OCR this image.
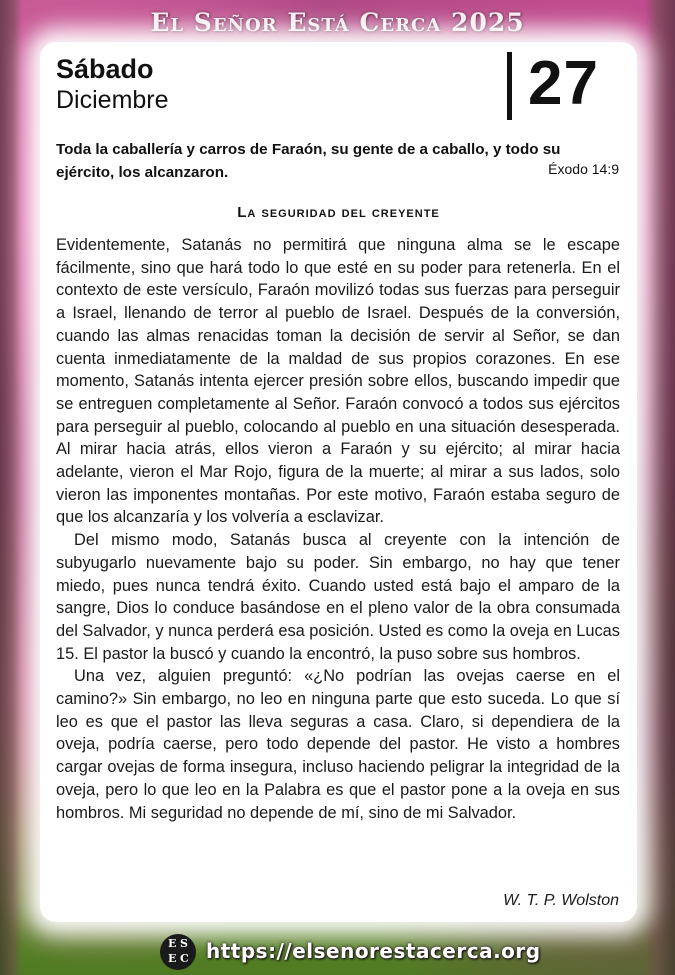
El Señor Está Cerca 2025
Sábado
Diciembre	27
Toda la caballería y carros de Faraón, su gente de a caballo, y todo su ejército, los alcanzaron.	Éxodo 14:9
La seguridad del creyente

Evidentemente, Satanás no permitirá que ninguna alma se le escape fácilmente, sino que hará todo lo que esté en su poder para retenerla. En el contexto de este versículo, Faraón movilizó todas sus fuerzas para perseguir a Israel, llenando de terror al pueblo de Israel. Después de la conversión, cuando las almas renacidas toman la decisión de servir al Señor, se dan cuenta inmediatamente de la maldad de sus propios corazones. En ese momento, Satanás intenta ejercer presión sobre ellos, buscando impedir que se entreguen completamente al Señor. Faraón convocó a todos sus ejércitos para perseguir al pueblo, colocando al pueblo en una situación desesperada. Al mirar hacia atrás, ellos vieron a Faraón y su ejército; al mirar hacia adelante, vieron el Mar Rojo, figura de la muerte; al mirar a sus lados, solo vieron las imponentes montañas. Por este motivo, Faraón estaba seguro de que los alcanzaría y los volvería a esclavizar.

Del mismo modo, Satanás busca al creyente con la intención de subyugarlo nuevamente bajo su poder. Sin embargo, no hay que tener miedo, pues nunca tendrá éxito. Cuando usted está bajo el amparo de la sangre, Dios lo conduce basándose en el pleno valor de la obra consumada del Salvador, y nunca perderá esa posición. Usted es como la oveja en Lucas 15. El pastor la buscó y cuando la encontró, la puso sobre sus hombros.

Una vez, alguien preguntó: «¿No podrían las ovejas caerse en el camino?» Sin embargo, no leo en ninguna parte que esto suceda. Lo que sí leo es que el pastor las lleva seguras a casa. Claro, si dependiera de la oveja, podría caerse, pero todo depende del pastor. He visto a hombres cargar ovejas de forma insegura, incluso haciendo peligrar la integridad de la oveja, pero lo que leo en la Palabra es que el pastor pone a la oveja en sus hombros. Mi seguridad no depende de mí, sino de mi Salvador.

W. T. P. Wolston
E S
E C https://elsenorestacerca.org
